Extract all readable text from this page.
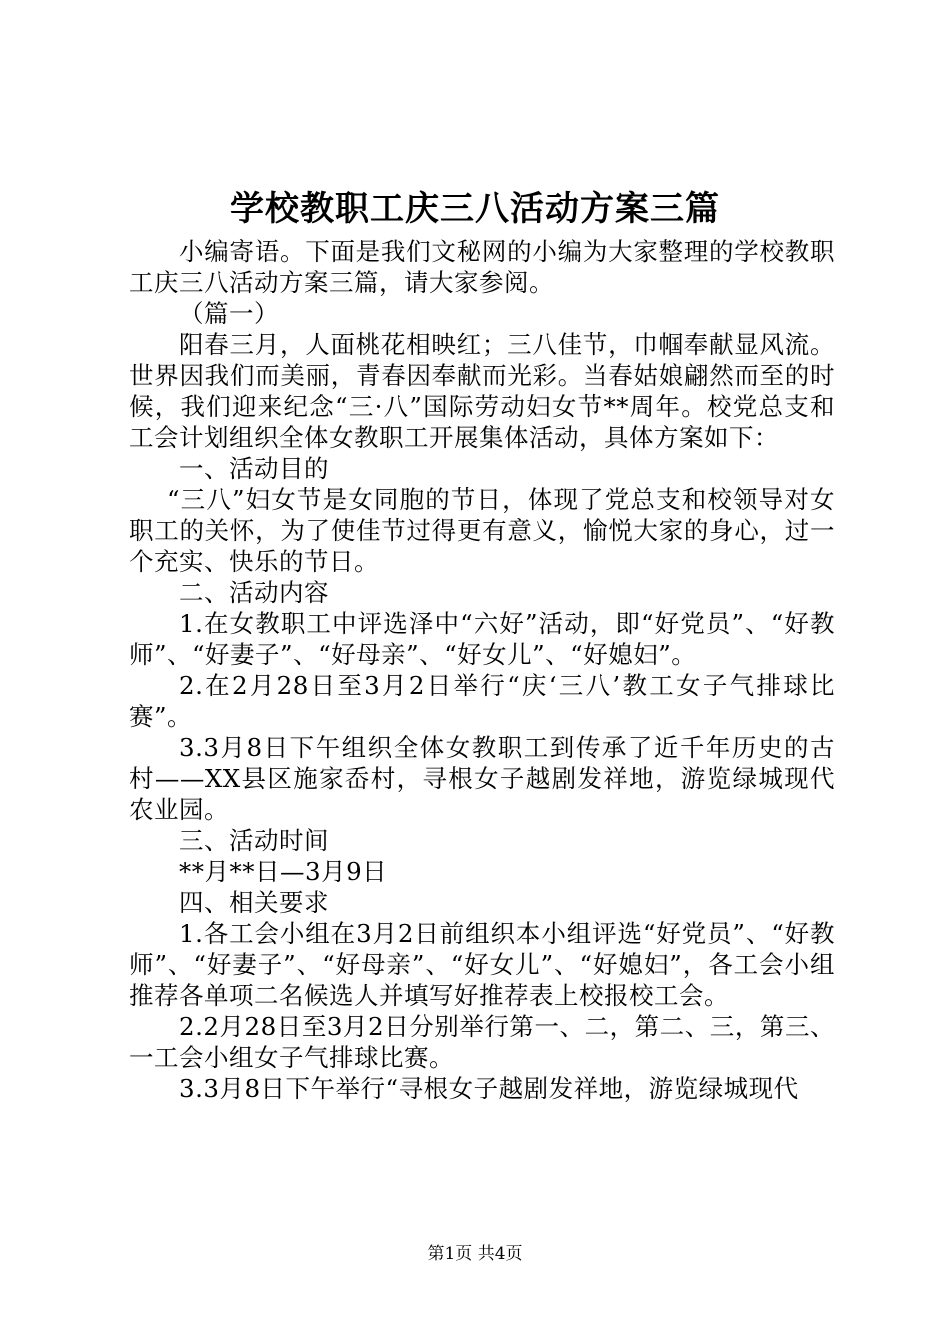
学校教职工庆三八活动方案三篇

小编寄语。下面是我们文秘网的小编为大家整理的学校教职工庆三八活动方案三篇，请大家参阅。

（篇一）

阳春三月，人面桃花相映红；三八佳节，巾帼奉献显风流。世界因我们而美丽，青春因奉献而光彩。当春姑娘翩然而至的时候，我们迎来纪念“三·八”国际劳动妇女节**周年。校党总支和工会计划组织全体女教职工开展集体活动，具体方案如下：

一、活动目的

“三八”妇女节是女同胞的节日，体现了党总支和校领导对女职工的关怀，为了使佳节过得更有意义，愉悦大家的身心，过一个充实、快乐的节日。

二、活动内容

1.在女教职工中评选泽中“六好”活动，即“好党员”、“好教师”、“好妻子”、“好母亲”、“好女儿”、“好媳妇”。

2.在2月28日至3月2日举行“庆‘三八’教工女子气排球比赛”。

3.3月8日下午组织全体女教职工到传承了近千年历史的古村——XX县区施家岙村，寻根女子越剧发祥地，游览绿城现代农业园。

三、活动时间

**月**日—3月9日

四、相关要求

1.各工会小组在3月2日前组织本小组评选“好党员”、“好教师”、“好妻子”、“好母亲”、“好女儿”、“好媳妇”，各工会小组推荐各单项二名候选人并填写好推荐表上校报校工会。

2.2月28日至3月2日分别举行第一、二，第二、三，第三、一工会小组女子气排球比赛。

3.3月8日下午举行“寻根女子越剧发祥地，游览绿城现代

第1页 共4页
